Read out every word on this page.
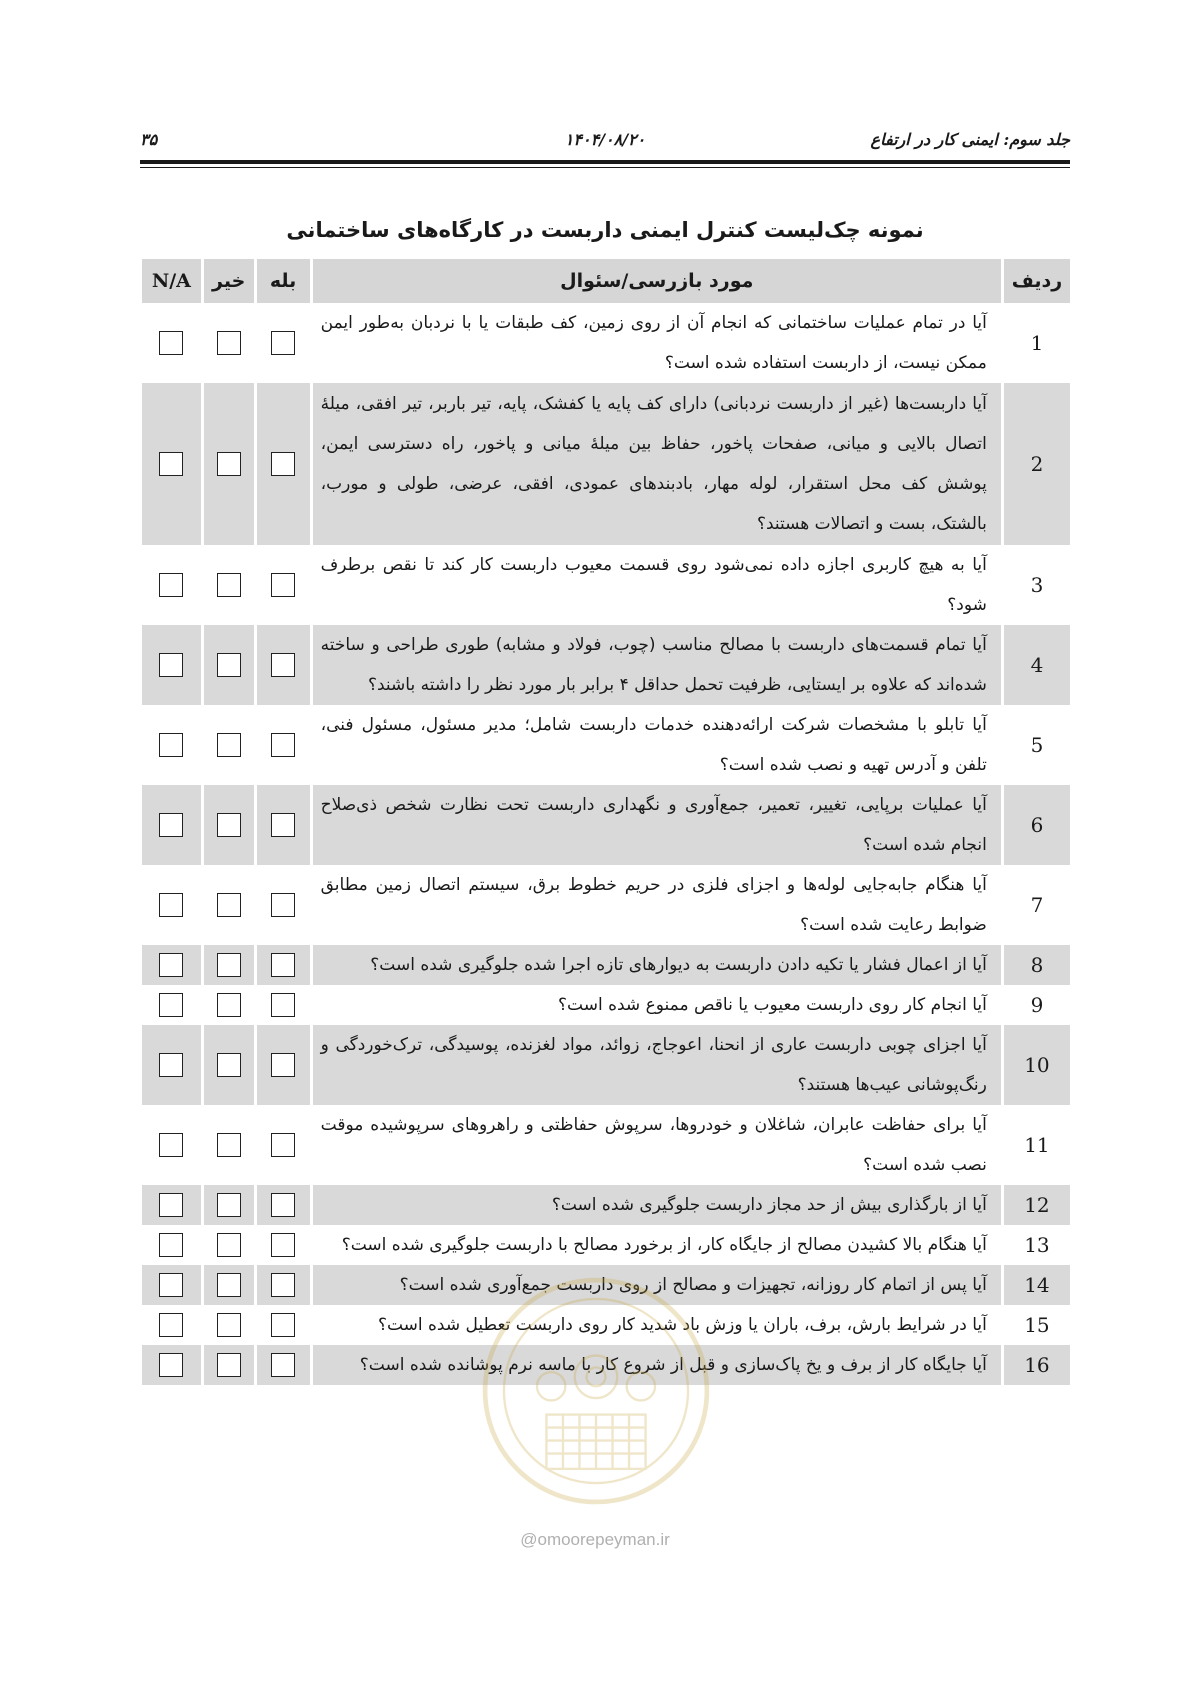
جلد سوم: ایمنی کار در ارتفاع
۱۴۰۴/۰۸/۲۰
۳۵
نمونه چک‌لیست کنترل ایمنی داربست در کارگاه‌های ساختمانی
ردیف	مورد بازرسی/سئوال	بله	خیر	N/A
1	آیا در تمام عملیات ساختمانی که انجام آن از روی زمین، کف طبقات یا با نردبان به‌طور ایمن ممکن نیست، از داربست استفاده شده است؟			
2	آیا داربست‌ها (غیر از داربست نردبانی) دارای کف پایه یا کفشک، پایه، تیر باربر، تیر افقی، میلهٔ اتصال بالایی و میانی، صفحات پاخور، حفاظ بین میلهٔ میانی و پاخور، راه دسترسی ایمن، پوشش کف محل استقرار، لوله مهار، بادبندهای عمودی، افقی، عرضی، طولی و مورب، بالشتک، بست و اتصالات هستند؟			
3	آیا به هیچ کاربری اجازه داده نمی‌شود روی قسمت معیوب داربست کار کند تا نقص برطرف شود؟			
4	آیا تمام قسمت‌های داربست با مصالح مناسب (چوب، فولاد و مشابه) طوری طراحی و ساخته شده‌اند که علاوه بر ایستایی، ظرفیت تحمل حداقل ۴ برابر بار مورد نظر را داشته باشند؟			
5	آیا تابلو با مشخصات شرکت ارائه‌دهنده خدمات داربست شامل؛ مدیر مسئول، مسئول فنی، تلفن و آدرس تهیه و نصب شده است؟			
6	آیا عملیات برپایی، تغییر، تعمیر، جمع‌آوری و نگهداری داربست تحت نظارت شخص ذی‌صلاح انجام شده است؟			
7	آیا هنگام جابه‌جایی لوله‌ها و اجزای فلزی در حریم خطوط برق، سیستم اتصال زمین مطابق ضوابط رعایت شده است؟			
8	آیا از اعمال فشار یا تکیه دادن داربست به دیوارهای تازه اجرا شده جلوگیری شده است؟			

9	آیا انجام کار روی داربست معیوب یا ناقص ممنوع شده است؟			

10	آیا اجزای چوبی داربست عاری از انحنا، اعوجاج، زوائد، مواد لغزنده، پوسیدگی، ترک‌خوردگی و رنگ‌پوشانی عیب‌ها هستند؟			
11	آیا برای حفاظت عابران، شاغلان و خودروها، سرپوش حفاظتی و راهروهای سرپوشیده موقت نصب شده است؟			
12	آیا از بارگذاری بیش از حد مجاز داربست جلوگیری شده است؟			

13	آیا هنگام بالا کشیدن مصالح از جایگاه کار، از برخورد مصالح با داربست جلوگیری شده است؟			

14	آیا پس از اتمام کار روزانه، تجهیزات و مصالح از روی داربست جمع‌آوری شده است؟			

15	آیا در شرایط بارش، برف، باران یا وزش باد شدید کار روی داربست تعطیل شده است؟			

16	آیا جایگاه کار از برف و یخ پاک‌سازی و قبل از شروع کار با ماسه نرم پوشانده شده است؟			

@omoorepeyman.ir
